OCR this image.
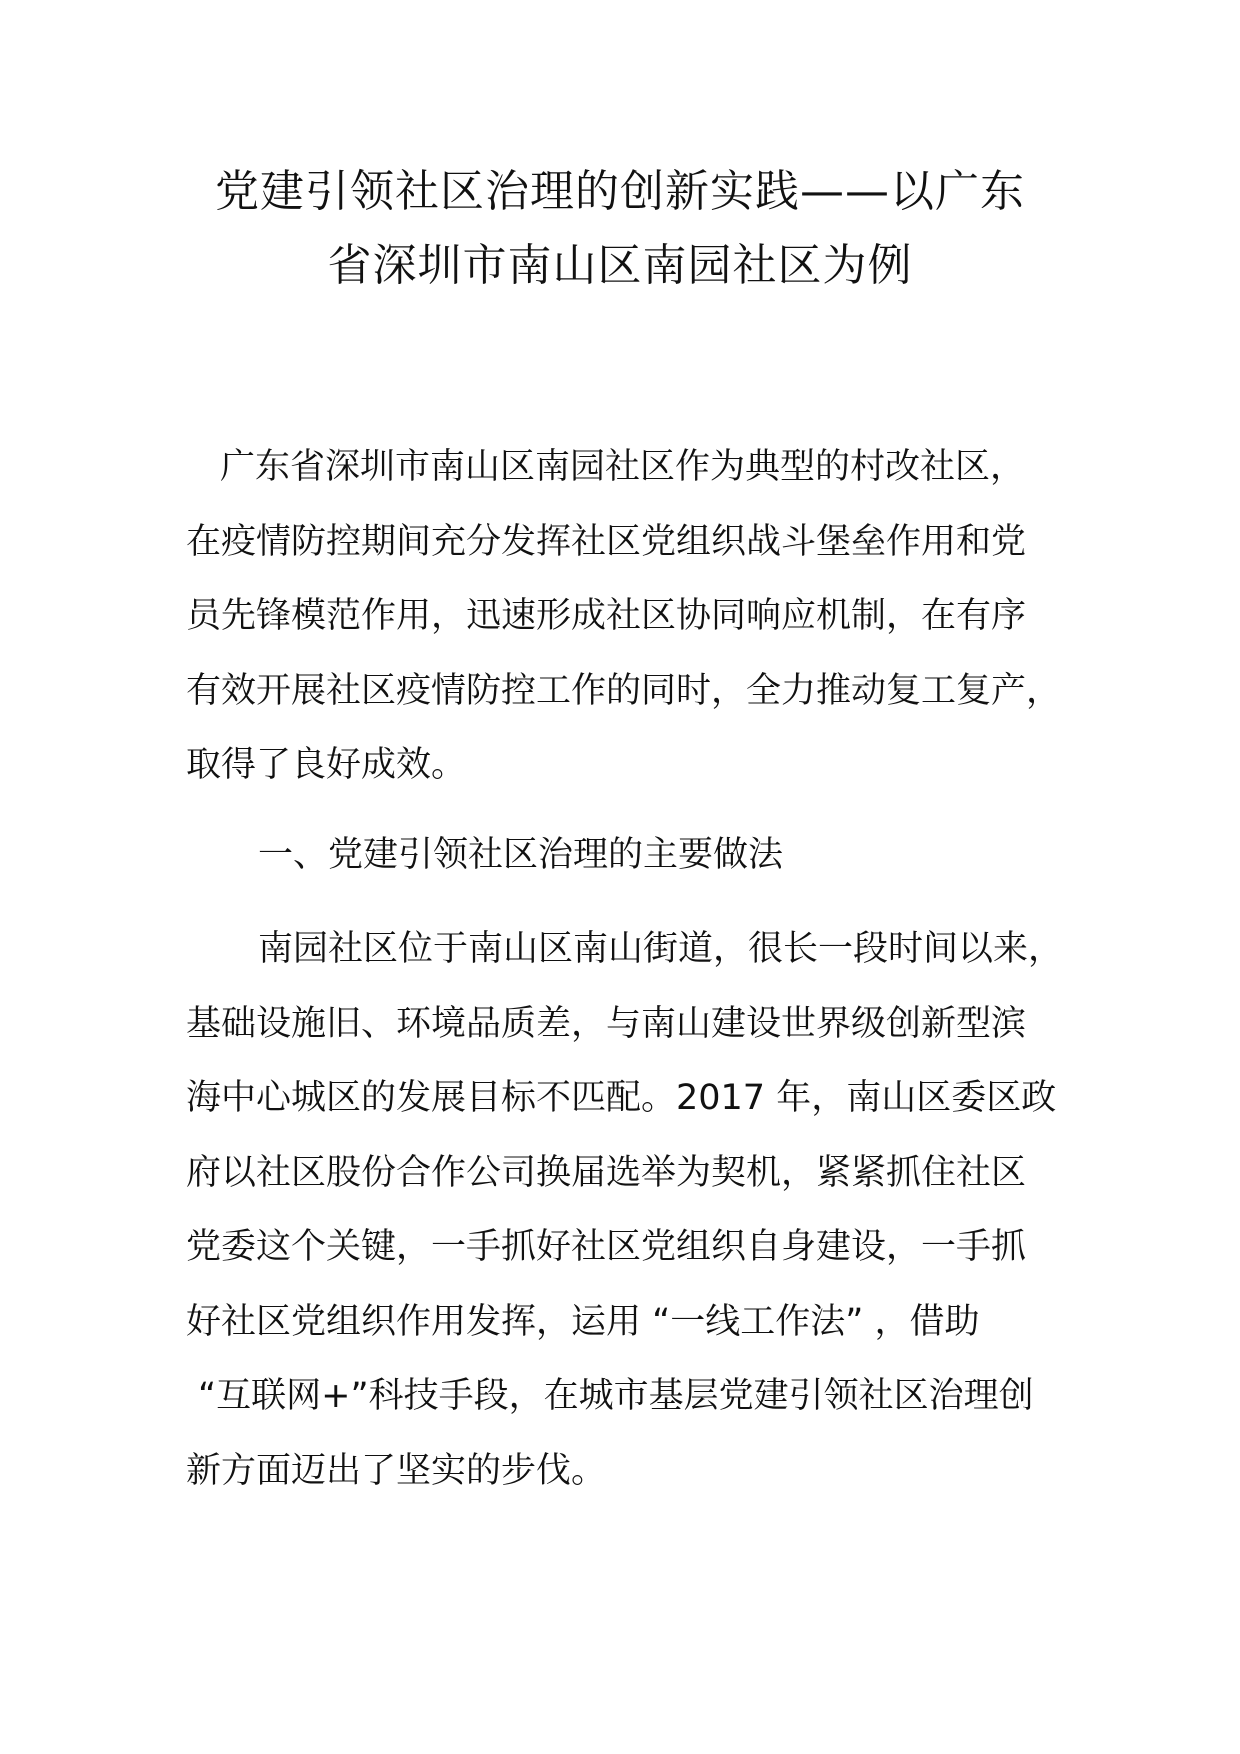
党建引领社区治理的创新实践——以广东
省深圳市南山区南园社区为例

广东省深圳市南山区南园社区作为典型的村改社区，
在疫情防控期间充分发挥社区党组织战斗堡垒作用和党
员先锋模范作用，迅速形成社区协同响应机制，在有序
有效开展社区疫情防控工作的同时，全力推动复工复产，
取得了良好成效。

一、党建引领社区治理的主要做法

南园社区位于南山区南山街道，很长一段时间以来，
基础设施旧、环境品质差，与南山建设世界级创新型滨
海中心城区的发展目标不匹配。2017 年，南山区委区政
府以社区股份合作公司换届选举为契机，紧紧抓住社区
党委这个关键，一手抓好社区党组织自身建设，一手抓
好社区党组织作用发挥，运用 “一线工作法” ，借助
“互联网+”科技手段，在城市基层党建引领社区治理创
新方面迈出了坚实的步伐。
